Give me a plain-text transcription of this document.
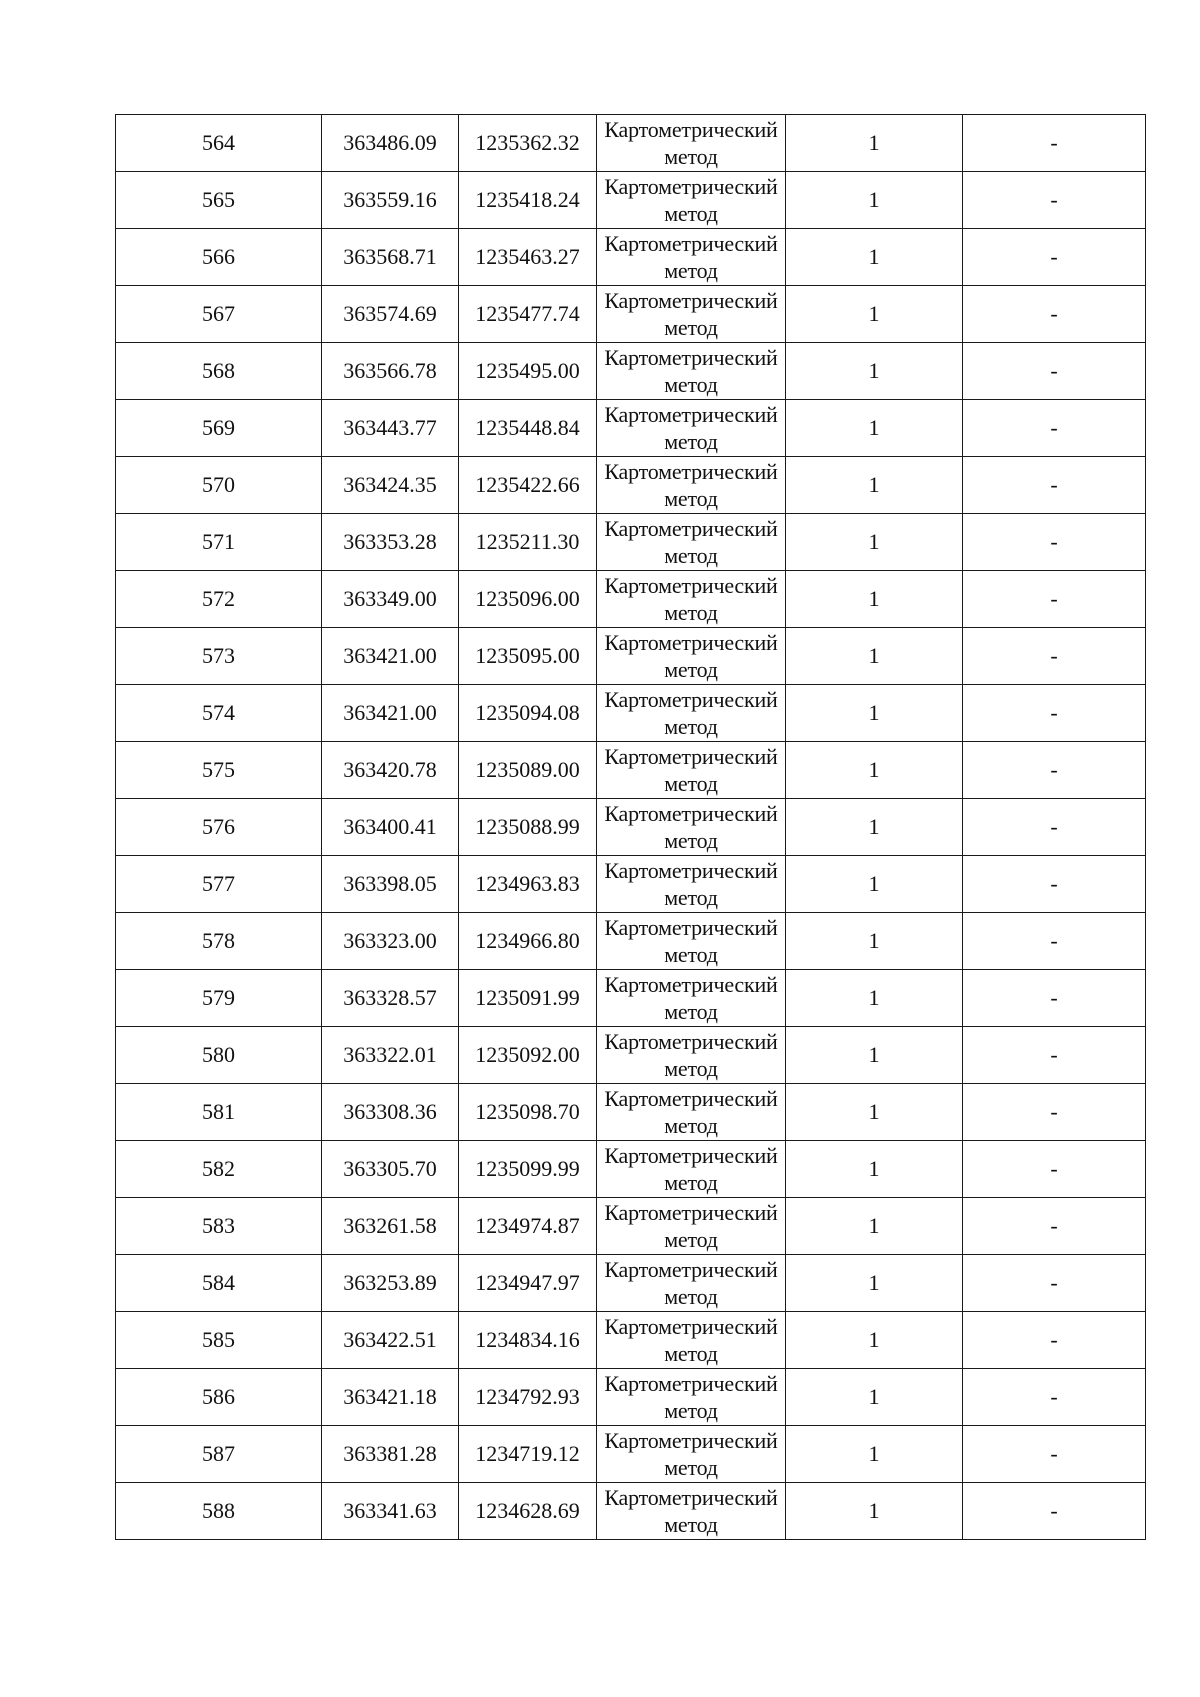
564	363486.09	1235362.32	Картометрический метод	1	-
565	363559.16	1235418.24	Картометрический метод	1	-
566	363568.71	1235463.27	Картометрический метод	1	-
567	363574.69	1235477.74	Картометрический метод	1	-
568	363566.78	1235495.00	Картометрический метод	1	-
569	363443.77	1235448.84	Картометрический метод	1	-
570	363424.35	1235422.66	Картометрический метод	1	-
571	363353.28	1235211.30	Картометрический метод	1	-
572	363349.00	1235096.00	Картометрический метод	1	-
573	363421.00	1235095.00	Картометрический метод	1	-
574	363421.00	1235094.08	Картометрический метод	1	-
575	363420.78	1235089.00	Картометрический метод	1	-
576	363400.41	1235088.99	Картометрический метод	1	-
577	363398.05	1234963.83	Картометрический метод	1	-
578	363323.00	1234966.80	Картометрический метод	1	-
579	363328.57	1235091.99	Картометрический метод	1	-
580	363322.01	1235092.00	Картометрический метод	1	-
581	363308.36	1235098.70	Картометрический метод	1	-
582	363305.70	1235099.99	Картометрический метод	1	-
583	363261.58	1234974.87	Картометрический метод	1	-
584	363253.89	1234947.97	Картометрический метод	1	-
585	363422.51	1234834.16	Картометрический метод	1	-
586	363421.18	1234792.93	Картометрический метод	1	-
587	363381.28	1234719.12	Картометрический метод	1	-
588	363341.63	1234628.69	Картометрический метод	1	-
